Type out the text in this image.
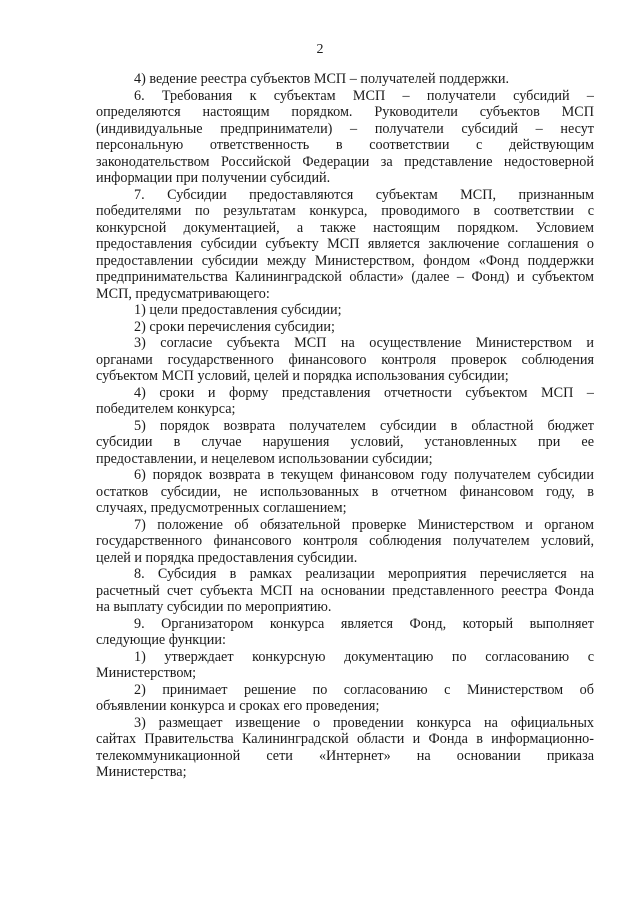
2
4) ведение реестра субъектов МСП – получателей поддержки.
6. Требования к субъектам МСП – получатели субсидий –
определяются настоящим порядком. Руководители субъектов МСП
(индивидуальные предприниматели) – получатели субсидий – несут
персональную ответственность в соответствии с действующим
законодательством Российской Федерации за представление недостоверной
информации при получении субсидий.
7. Субсидии предоставляются субъектам МСП, признанным
победителями по результатам конкурса, проводимого в соответствии с
конкурсной документацией, а также настоящим порядком. Условием
предоставления субсидии субъекту МСП является заключение соглашения о
предоставлении субсидии между Министерством, фондом «Фонд поддержки
предпринимательства Калининградской области» (далее – Фонд) и субъектом
МСП, предусматривающего:
1) цели предоставления субсидии;
2) сроки перечисления субсидии;
3) согласие субъекта МСП на осуществление Министерством и
органами государственного финансового контроля проверок соблюдения
субъектом МСП условий, целей и порядка использования субсидии;
4) сроки и форму представления отчетности субъектом МСП –
победителем конкурса;
5) порядок возврата получателем субсидии в областной бюджет
субсидии в случае нарушения условий, установленных при ее
предоставлении, и нецелевом использовании субсидии;
6) порядок возврата в текущем финансовом году получателем субсидии
остатков субсидии, не использованных в отчетном финансовом году, в
случаях, предусмотренных соглашением;
7) положение об обязательной проверке Министерством и органом
государственного финансового контроля соблюдения получателем условий,
целей и порядка предоставления субсидии.
8. Субсидия в рамках реализации мероприятия перечисляется на
расчетный счет субъекта МСП на основании представленного реестра Фонда
на выплату субсидии по мероприятию.
9. Организатором конкурса является Фонд, который выполняет
следующие функции:
1) утверждает конкурсную документацию по согласованию с
Министерством;
2) принимает решение по согласованию с Министерством об
объявлении конкурса и сроках его проведения;
3) размещает извещение о проведении конкурса на официальных
сайтах Правительства Калининградской области и Фонда в информационно-
телекоммуникационной сети «Интернет» на основании приказа
Министерства;
